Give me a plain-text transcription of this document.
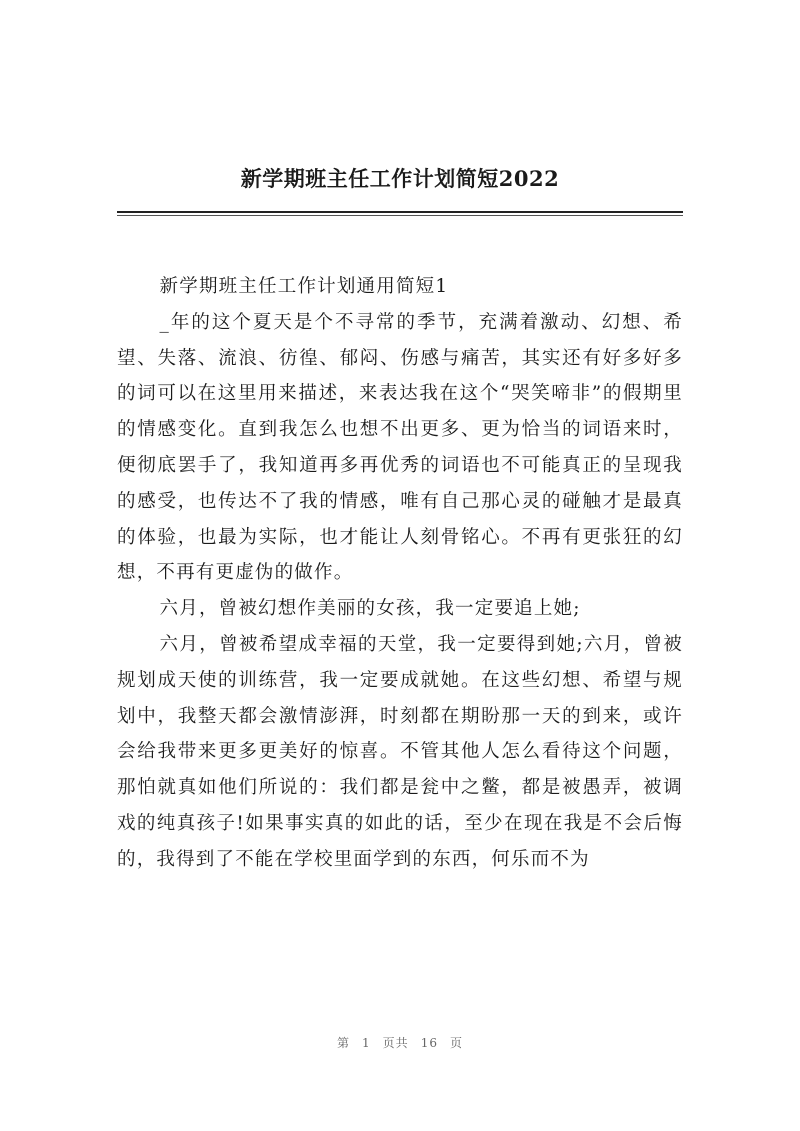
新学期班主任工作计划简短2022

新学期班主任工作计划通用简短1

_年的这个夏天是个不寻常的季节，充满着激动、幻想、希望、失落、流浪、彷徨、郁闷、伤感与痛苦，其实还有好多好多的词可以在这里用来描述，来表达我在这个“哭笑啼非”的假期里的情感变化。直到我怎么也想不出更多、更为恰当的词语来时，便彻底罢手了，我知道再多再优秀的词语也不可能真正的呈现我的感受，也传达不了我的情感，唯有自己那心灵的碰触才是最真的体验，也最为实际，也才能让人刻骨铭心。不再有更张狂的幻想，不再有更虚伪的做作。

六月，曾被幻想作美丽的女孩，我一定要追上她;

六月，曾被希望成幸福的天堂，我一定要得到她;六月，曾被规划成天使的训练营，我一定要成就她。在这些幻想、希望与规划中，我整天都会激情澎湃，时刻都在期盼那一天的到来，或许会给我带来更多更美好的惊喜。不管其他人怎么看待这个问题，那怕就真如他们所说的：我们都是瓮中之鳖，都是被愚弄，被调戏的纯真孩子!如果事实真的如此的话，至少在现在我是不会后悔的，我得到了不能在学校里面学到的东西，何乐而不为

第 1 页共 16 页
